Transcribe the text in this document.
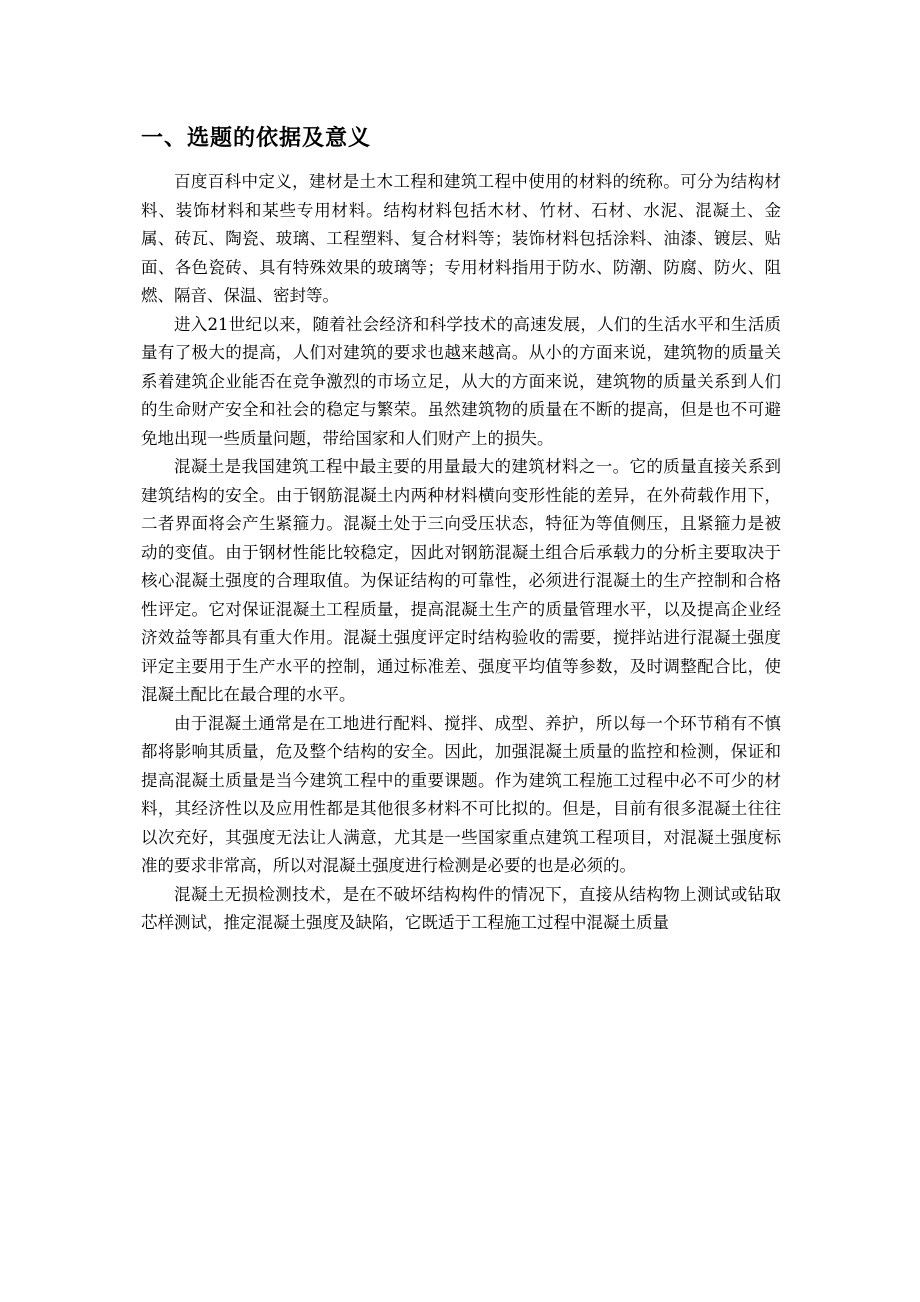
一、选题的依据及意义

百度百科中定义，建材是土木工程和建筑工程中使用的材料的统称。可分为结构材料、装饰材料和某些专用材料。结构材料包括木材、竹材、石材、水泥、混凝土、金属、砖瓦、陶瓷、玻璃、工程塑料、复合材料等；装饰材料包括涂料、油漆、镀层、贴面、各色瓷砖、具有特殊效果的玻璃等；专用材料指用于防水、防潮、防腐、防火、阻燃、隔音、保温、密封等。

进入21世纪以来，随着社会经济和科学技术的高速发展，人们的生活水平和生活质量有了极大的提高，人们对建筑的要求也越来越高。从小的方面来说，建筑物的质量关系着建筑企业能否在竞争激烈的市场立足，从大的方面来说，建筑物的质量关系到人们的生命财产安全和社会的稳定与繁荣。虽然建筑物的质量在不断的提高，但是也不可避免地出现一些质量问题，带给国家和人们财产上的损失。

混凝土是我国建筑工程中最主要的用量最大的建筑材料之一。它的质量直接关系到建筑结构的安全。由于钢筋混凝土内两种材料横向变形性能的差异，在外荷载作用下，二者界面将会产生紧箍力。混凝土处于三向受压状态，特征为等值侧压，且紧箍力是被动的变值。由于钢材性能比较稳定，因此对钢筋混凝土组合后承载力的分析主要取决于核心混凝土强度的合理取值。为保证结构的可靠性，必须进行混凝土的生产控制和合格性评定。它对保证混凝土工程质量，提高混凝土生产的质量管理水平，以及提高企业经济效益等都具有重大作用。混凝土强度评定时结构验收的需要，搅拌站进行混凝土强度评定主要用于生产水平的控制，通过标准差、强度平均值等参数，及时调整配合比，使混凝土配比在最合理的水平。

由于混凝土通常是在工地进行配料、搅拌、成型、养护，所以每一个环节稍有不慎都将影响其质量，危及整个结构的安全。因此，加强混凝土质量的监控和检测，保证和提高混凝土质量是当今建筑工程中的重要课题。作为建筑工程施工过程中必不可少的材料，其经济性以及应用性都是其他很多材料不可比拟的。但是，目前有很多混凝土往往以次充好，其强度无法让人满意，尤其是一些国家重点建筑工程项目，对混凝土强度标准的要求非常高，所以对混凝土强度进行检测是必要的也是必须的。

混凝土无损检测技术，是在不破坏结构构件的情况下，直接从结构物上测试或钻取芯样测试，推定混凝土强度及缺陷，它既适于工程施工过程中混凝土质量
